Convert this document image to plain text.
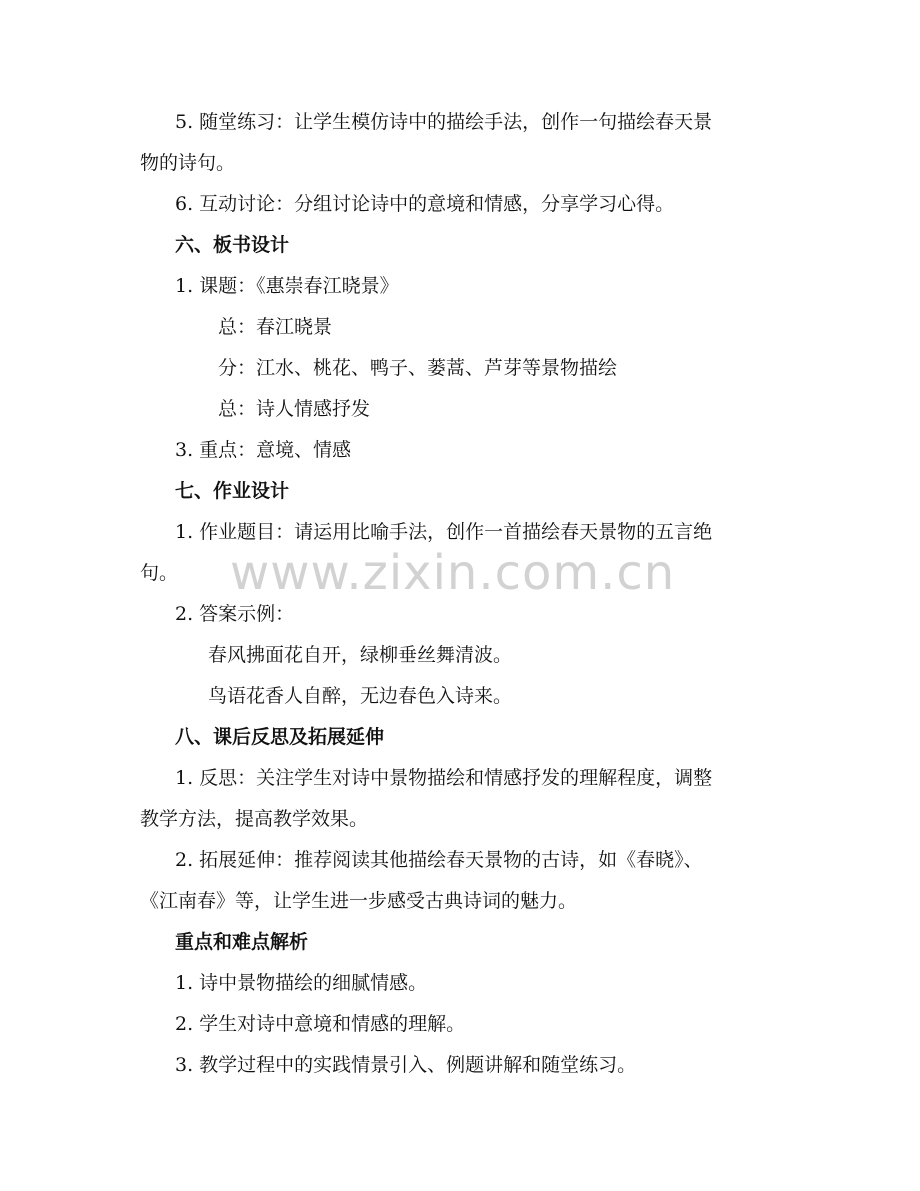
5. 随堂练习：让学生模仿诗中的描绘手法，创作一句描绘春天景
物的诗句。
6. 互动讨论：分组讨论诗中的意境和情感，分享学习心得。
六、板书设计
1. 课题：《惠崇春江晓景》
总：春江晓景
分：江水、桃花、鸭子、蒌蒿、芦芽等景物描绘
总：诗人情感抒发
3. 重点：意境、情感
七、作业设计
1. 作业题目：请运用比喻手法，创作一首描绘春天景物的五言绝
句。
2. 答案示例：
春风拂面花自开，绿柳垂丝舞清波。
鸟语花香人自醉，无边春色入诗来。
八、课后反思及拓展延伸
1. 反思：关注学生对诗中景物描绘和情感抒发的理解程度，调整
教学方法，提高教学效果。
2. 拓展延伸：推荐阅读其他描绘春天景物的古诗，如《春晓》、
《江南春》等，让学生进一步感受古典诗词的魅力。
重点和难点解析
1. 诗中景物描绘的细腻情感。
2. 学生对诗中意境和情感的理解。
3. 教学过程中的实践情景引入、例题讲解和随堂练习。
www.zixin.com.cn
